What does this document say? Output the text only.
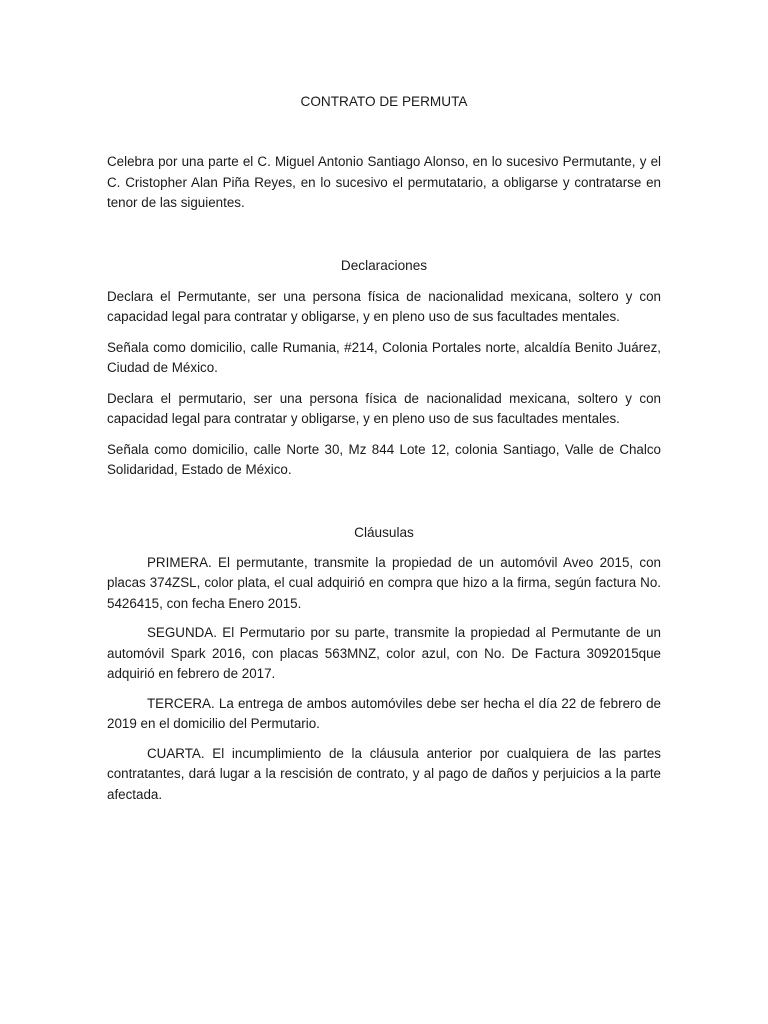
CONTRATO DE PERMUTA

Celebra por una parte el C. Miguel Antonio Santiago Alonso, en lo sucesivo Permutante, y el C. Cristopher Alan Piña Reyes, en lo sucesivo el permutatario, a obligarse y contratarse en tenor de las siguientes.

Declaraciones

Declara el Permutante, ser una persona física de nacionalidad mexicana, soltero y con capacidad legal para contratar y obligarse, y en pleno uso de sus facultades mentales.

Señala como domicilio, calle Rumania, #214, Colonia Portales norte, alcaldía Benito Juárez, Ciudad de México.

Declara el permutario, ser una persona física de nacionalidad mexicana, soltero y con capacidad legal para contratar y obligarse, y en pleno uso de sus facultades mentales.

Señala como domicilio, calle Norte 30, Mz 844 Lote 12, colonia Santiago, Valle de Chalco Solidaridad, Estado de México.

Cláusulas

PRIMERA. El permutante, transmite la propiedad de un automóvil Aveo 2015, con placas 374ZSL, color plata, el cual adquirió en compra que hizo a la firma, según factura No. 5426415, con fecha Enero 2015.

SEGUNDA. El Permutario por su parte, transmite la propiedad al Permutante de un automóvil Spark 2016, con placas 563MNZ, color azul, con No. De Factura 3092015que adquirió en febrero de 2017.

TERCERA. La entrega de ambos automóviles debe ser hecha el día 22 de febrero de 2019 en el domicilio del Permutario.

CUARTA. El incumplimiento de la cláusula anterior por cualquiera de las partes contratantes, dará lugar a la rescisión de contrato, y al pago de daños y perjuicios a la parte afectada.
